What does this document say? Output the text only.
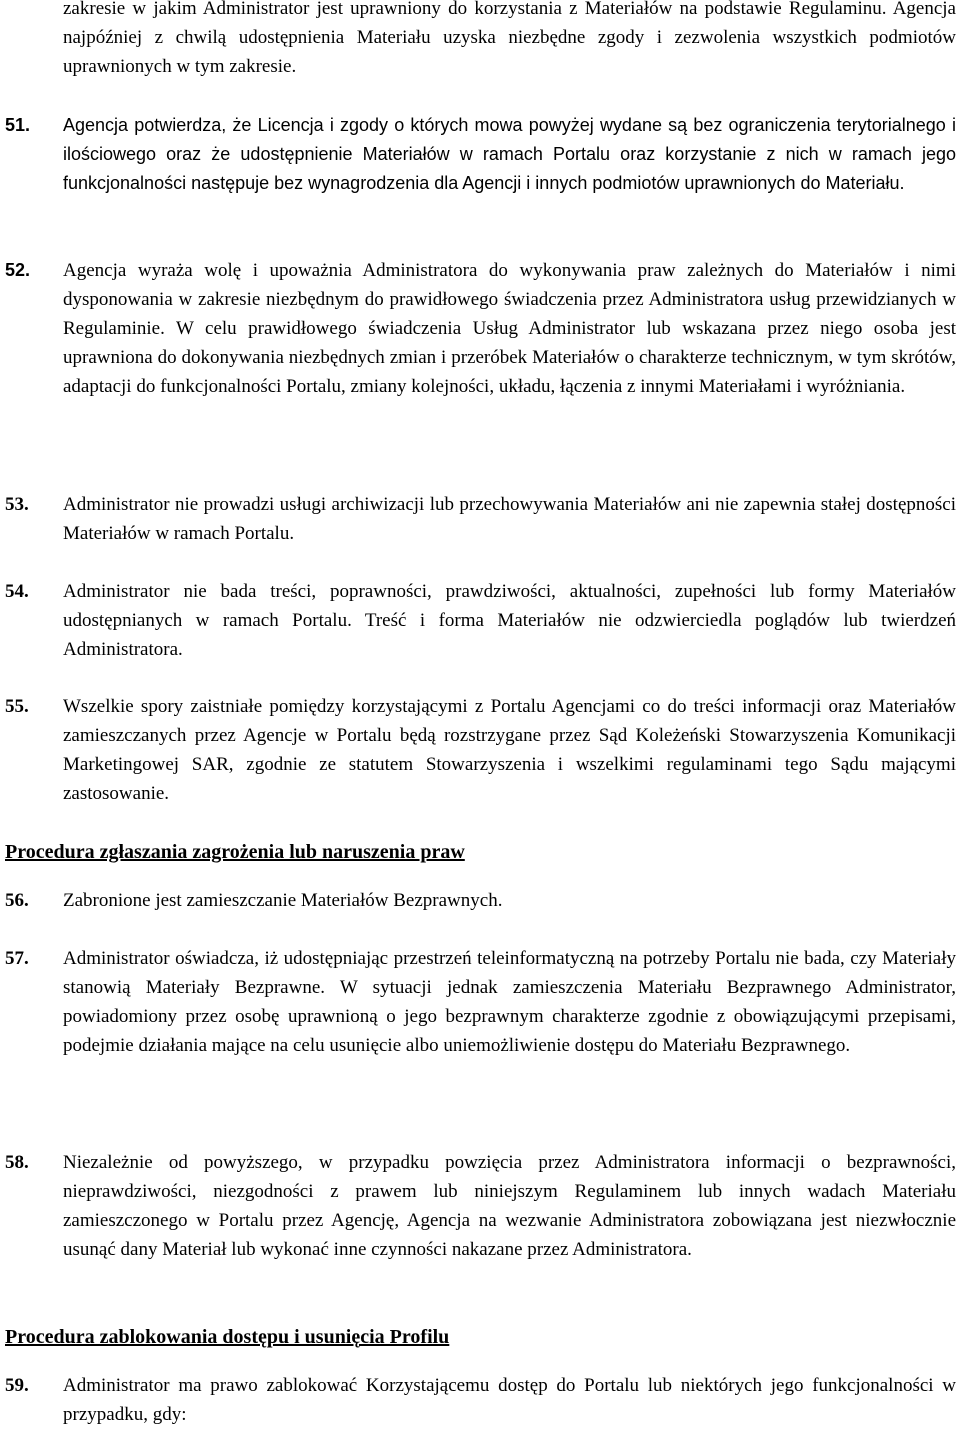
zakresie w jakim Administrator jest uprawniony do korzystania z Materiałów na podstawie Regulaminu. Agencja najpóźniej z chwilą udostępnienia Materiału uzyska niezbędne zgody i zezwolenia wszystkich podmiotów uprawnionych w tym zakresie.

51. Agencja potwierdza, że Licencja i zgody o których mowa powyżej wydane są bez ograniczenia terytorialnego i ilościowego oraz że udostępnienie Materiałów w ramach Portalu oraz korzystanie z nich w ramach jego funkcjonalności następuje bez wynagrodzenia dla Agencji i innych podmiotów uprawnionych do Materiału.

52. Agencja wyraża wolę i upoważnia Administratora do wykonywania praw zależnych do Materiałów i nimi dysponowania w zakresie niezbędnym do prawidłowego świadczenia przez Administratora usług przewidzianych w Regulaminie. W celu prawidłowego świadczenia Usług Administrator lub wskazana przez niego osoba jest uprawniona do dokonywania niezbędnych zmian i przeróbek Materiałów o charakterze technicznym, w tym skrótów, adaptacji do funkcjonalności Portalu, zmiany kolejności, układu, łączenia z innymi Materiałami i wyróżniania.

53. Administrator nie prowadzi usługi archiwizacji lub przechowywania Materiałów ani nie zapewnia stałej dostępności Materiałów w ramach Portalu.

54. Administrator nie bada treści, poprawności, prawdziwości, aktualności, zupełności lub formy Materiałów udostępnianych w ramach Portalu. Treść i forma Materiałów nie odzwierciedla poglądów lub twierdzeń Administratora.

55. Wszelkie spory zaistniałe pomiędzy korzystającymi z Portalu Agencjami co do treści informacji oraz Materiałów zamieszczanych przez Agencje w Portalu będą rozstrzygane przez Sąd Koleżeński Stowarzyszenia Komunikacji Marketingowej SAR, zgodnie ze statutem Stowarzyszenia i wszelkimi regulaminami tego Sądu mającymi zastosowanie.

Procedura zgłaszania zagrożenia lub naruszenia praw

56. Zabronione jest zamieszczanie Materiałów Bezprawnych.

57. Administrator oświadcza, iż udostępniając przestrzeń teleinformatyczną na potrzeby Portalu nie bada, czy Materiały stanowią Materiały Bezprawne. W sytuacji jednak zamieszczenia Materiału Bezprawnego Administrator, powiadomiony przez osobę uprawnioną o jego bezprawnym charakterze zgodnie z obowiązującymi przepisami, podejmie działania mające na celu usunięcie albo uniemożliwienie dostępu do Materiału Bezprawnego.

58. Niezależnie od powyższego, w przypadku powzięcia przez Administratora informacji o bezprawności, nieprawdziwości, niezgodności z prawem lub niniejszym Regulaminem lub innych wadach Materiału zamieszczonego w Portalu przez Agencję, Agencja na wezwanie Administratora zobowiązana jest niezwłocznie usunąć dany Materiał lub wykonać inne czynności nakazane przez Administratora.

Procedura zablokowania dostępu i usunięcia Profilu

59. Administrator ma prawo zablokować Korzystającemu dostęp do Portalu lub niektórych jego funkcjonalności w przypadku, gdy:
